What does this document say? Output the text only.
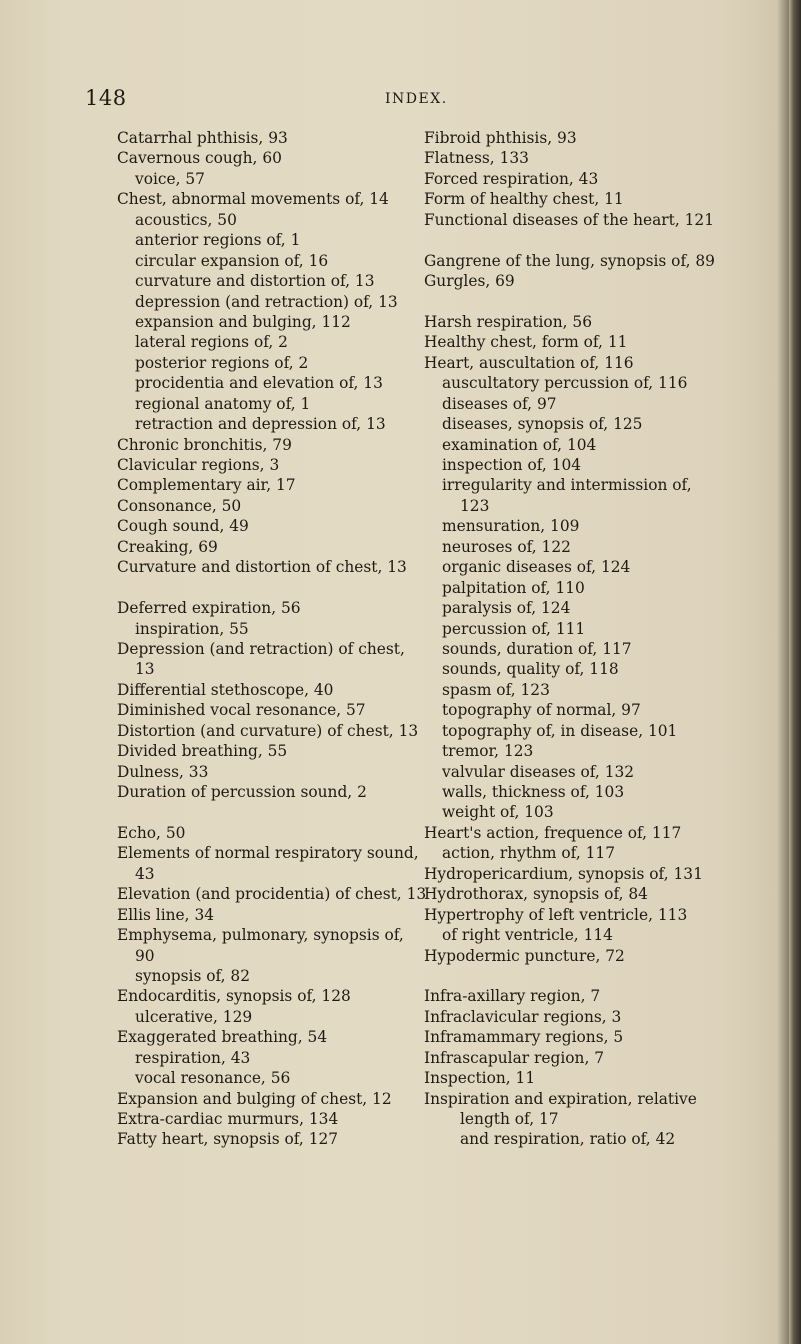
148	INDEX.
Catarrhal phthisis, 93
Cavernous cough, 60
voice, 57
Chest, abnormal movements of, 14
acoustics, 50
anterior regions of, 1
circular expansion of, 16
curvature and distortion of, 13
depression (and retraction) of, 13
expansion and bulging, 112
lateral regions of, 2
posterior regions of, 2
procidentia and elevation of, 13
regional anatomy of, 1
retraction and depression of, 13
Chronic bronchitis, 79
Clavicular regions, 3
Complementary air, 17
Consonance, 50
Cough sound, 49
Creaking, 69
Curvature and distortion of chest, 13
Deferred expiration, 56
inspiration, 55
Depression (and retraction) of chest,
13
Differential stethoscope, 40
Diminished vocal resonance, 57
Distortion (and curvature) of chest, 13
Divided breathing, 55
Dulness, 33
Duration of percussion sound, 2
Echo, 50
Elements of normal respiratory sound,
43
Elevation (and procidentia) of chest, 13
Ellis line, 34
Emphysema, pulmonary, synopsis of,
90
synopsis of, 82
Endocarditis, synopsis of, 128
ulcerative, 129
Exaggerated breathing, 54
respiration, 43
vocal resonance, 56
Expansion and bulging of chest, 12
Extra-cardiac murmurs, 134
Fatty heart, synopsis of, 127
Fibroid phthisis, 93
Flatness, 133
Forced respiration, 43
Form of healthy chest, 11
Functional diseases of the heart, 121
Gangrene of the lung, synopsis of, 89
Gurgles, 69
Harsh respiration, 56
Healthy chest, form of, 11
Heart, auscultation of, 116
auscultatory percussion of, 116
diseases of, 97
diseases, synopsis of, 125
examination of, 104
inspection of, 104
irregularity and intermission of,
123
mensuration, 109
neuroses of, 122
organic diseases of, 124
palpitation of, 110
paralysis of, 124
percussion of, 111
sounds, duration of, 117
sounds, quality of, 118
spasm of, 123
topography of normal, 97
topography of, in disease, 101
tremor, 123
valvular diseases of, 132
walls, thickness of, 103
weight of, 103
Heart's action, frequence of, 117
action, rhythm of, 117
Hydropericardium, synopsis of, 131
Hydrothorax, synopsis of, 84
Hypertrophy of left ventricle, 113
of right ventricle, 114
Hypodermic puncture, 72
Infra-axillary region, 7
Infraclavicular regions, 3
Inframammary regions, 5
Infrascapular region, 7
Inspection, 11
Inspiration and expiration, relative
length of, 17
and respiration, ratio of, 42
